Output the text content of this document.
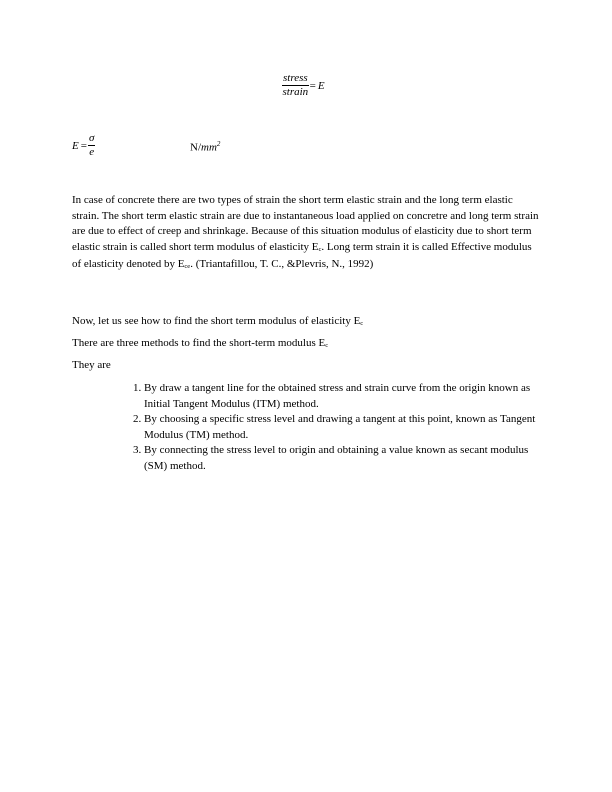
$\frac{\text{stress}}{\text{strain}} = E$
$E = \frac{\sigma}{e}$	$N/mm^2$

In case of concrete there are two types of strain the short term elastic strain and the long term elastic strain. The short term elastic strain are due to instantaneous load applied on concretre and long term strain are due to effect of creep and shrinkage. Because of this situation modulus of elasticity due to short term elastic strain is called short term modulus of elasticity $E_c$. Long term strain it is called Effective modulus of elasticity denoted by $E_{ce}$. (Triantafillou, T. C., &Plevris, N., 1992)

Now, let us see how to find the short term modulus of elasticity $E_c$

There are three methods to find the short-term modulus $E_c$

They are

1. By draw a tangent line for the obtained stress and strain curve from the origin known as Initial Tangent Modulus (ITM) method.
2. By choosing a specific stress level and drawing a tangent at this point, known as Tangent Modulus (TM) method.
3. By connecting the stress level to origin and obtaining a value known as secant modulus (SM) method.
